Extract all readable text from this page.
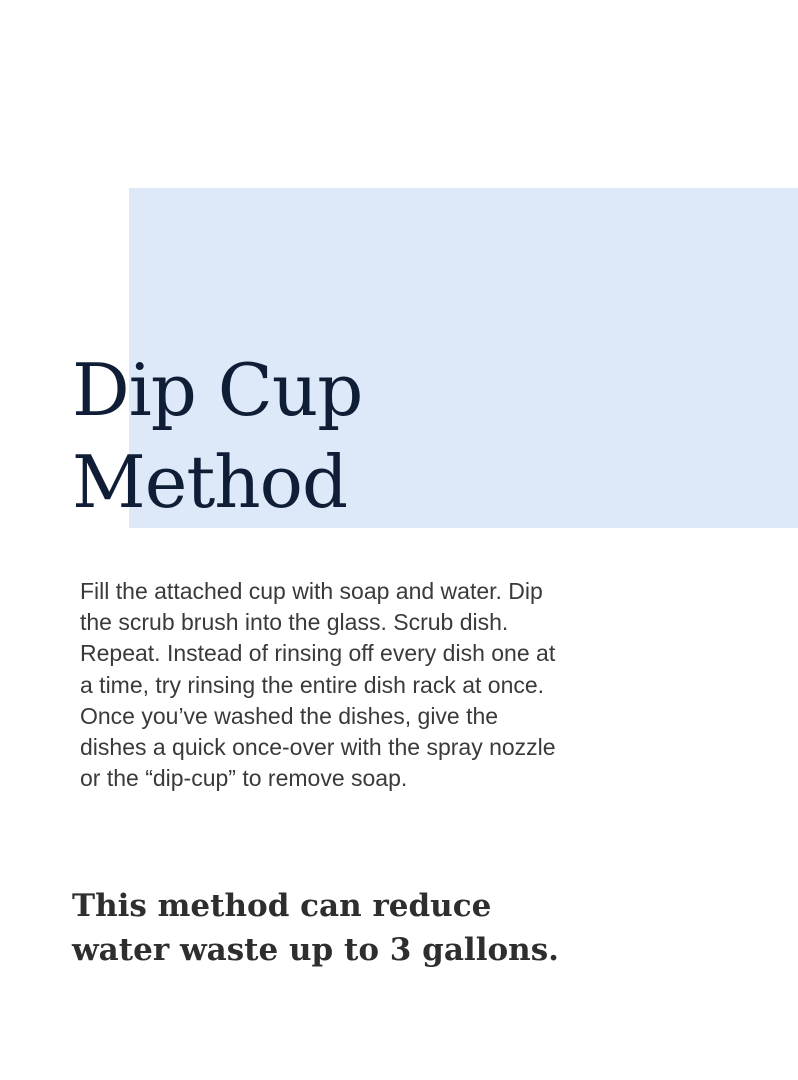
Dip Cup
Method

Fill the attached cup with soap and water. Dip the scrub brush into the glass. Scrub dish. Repeat. Instead of rinsing off every dish one at a time, try rinsing the entire dish rack at once. Once you’ve washed the dishes, give the dishes a quick once-over with the spray nozzle or the “dip-cup” to remove soap.

This method can reduce
water waste up to 3 gallons.
